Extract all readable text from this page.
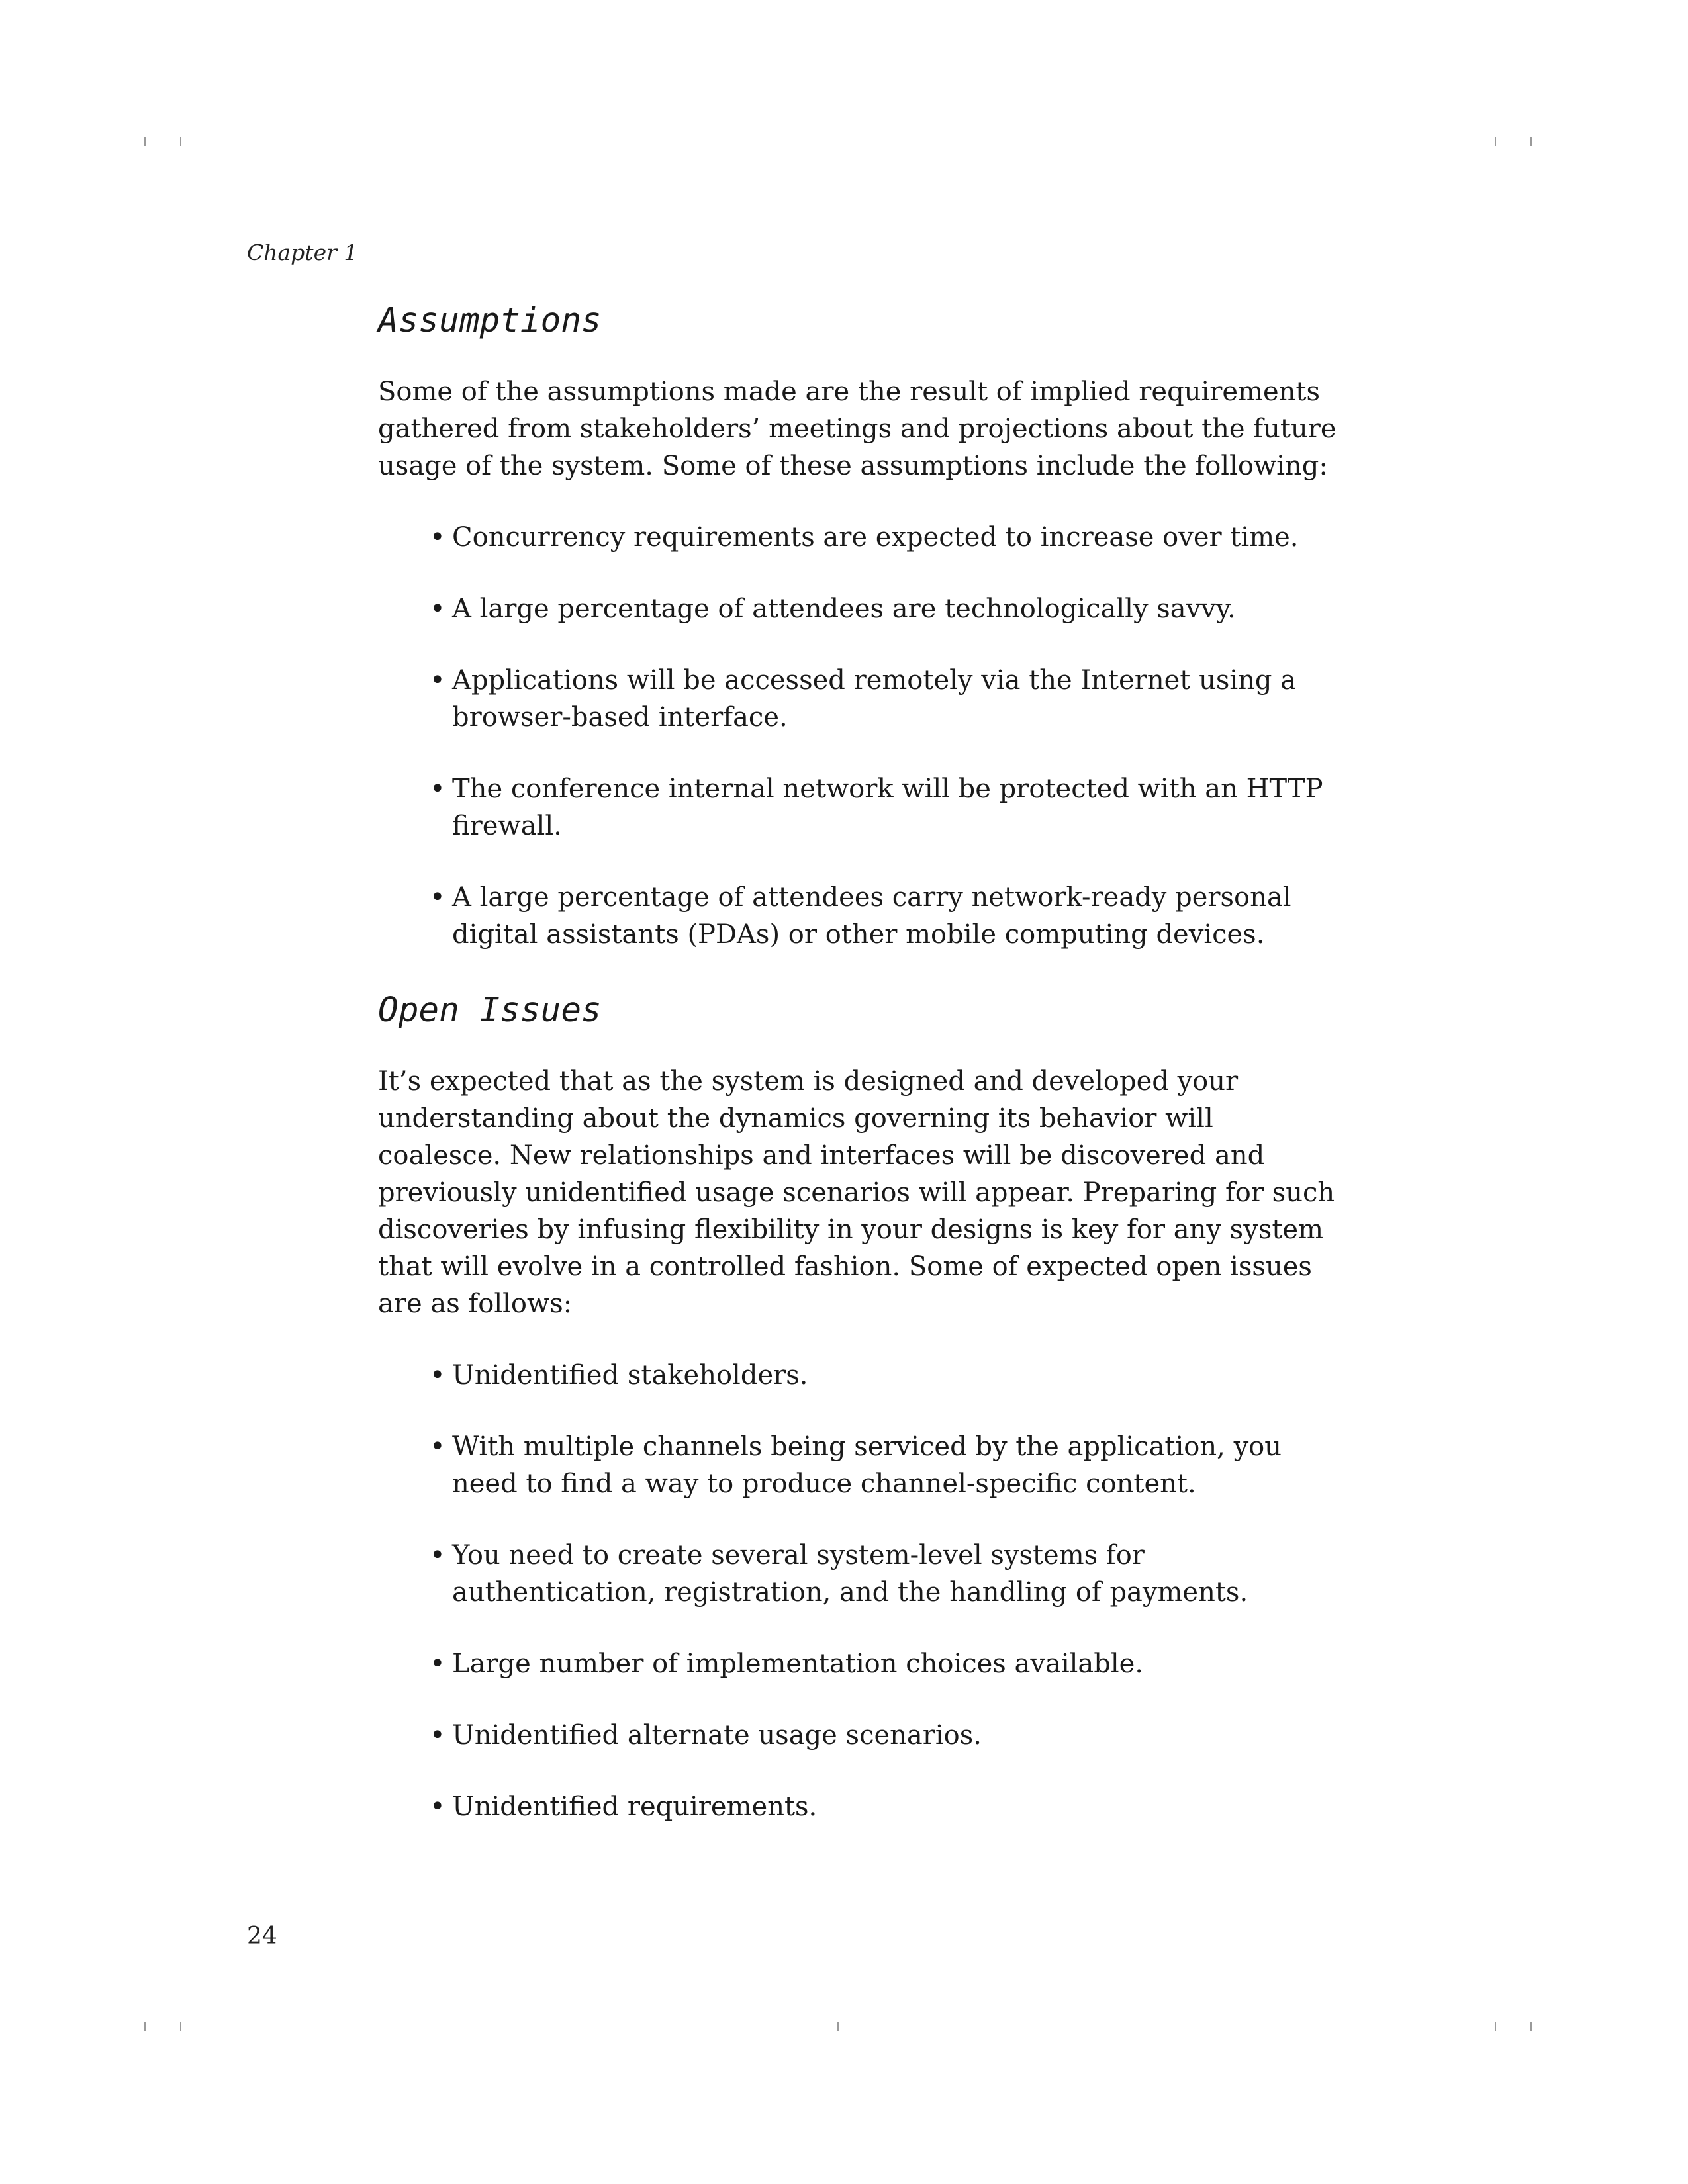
Chapter 1
Assumptions

Some of the assumptions made are the result of implied requirements gathered from stakeholders’ meetings and projections about the future usage of the system. Some of these assumptions include the following:

• Concurrency requirements are expected to increase over time.
• A large percentage of attendees are technologically savvy.
• Applications will be accessed remotely via the Internet using a browser-based interface.
• The conference internal network will be protected with an HTTP firewall.
• A large percentage of attendees carry network-ready personal digital assistants (PDAs) or other mobile computing devices.
Open Issues

It’s expected that as the system is designed and developed your understanding about the dynamics governing its behavior will coalesce. New relationships and interfaces will be discovered and previously unidentified usage scenarios will appear. Preparing for such discoveries by infusing flexibility in your designs is key for any system that will evolve in a controlled fashion. Some of expected open issues are as follows:

• Unidentified stakeholders.
• With multiple channels being serviced by the application, you need to find a way to produce channel-specific content.
• You need to create several system-level systems for authentication, registration, and the handling of payments.
• Large number of implementation choices available.
• Unidentified alternate usage scenarios.
• Unidentified requirements.
24
